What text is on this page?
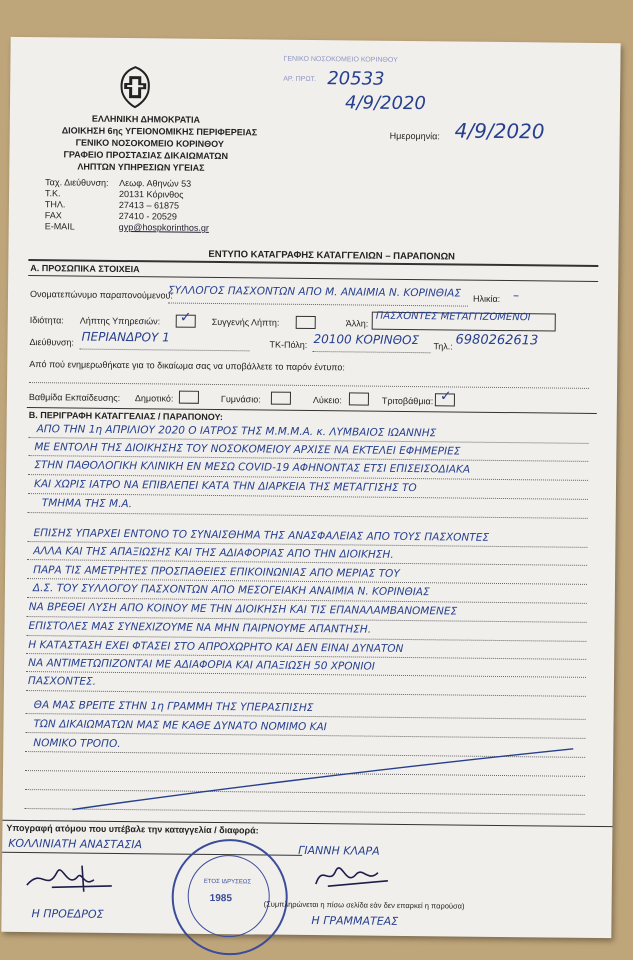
ΓΕΝΙΚΟ ΝΟΣΟΚΟΜΕΙΟ ΚΟΡΙΝΘΟΥ
ΑΡ. ΠΡΩΤ. 20533
4/9/2020
ΕΛΛΗΝΙΚΗ ΔΗΜΟΚΡΑΤΙΑ
ΔΙΟΙΚΗΣΗ 6ης ΥΓΕΙΟΝΟΜΙΚΗΣ ΠΕΡΙΦΕΡΕΙΑΣ
ΓΕΝΙΚΟ ΝΟΣΟΚΟΜΕΙΟ ΚΟΡΙΝΘΟΥ
ΓΡΑΦΕΙΟ ΠΡΟΣΤΑΣΙΑΣ ΔΙΚΑΙΩΜΑΤΩΝ
ΛΗΠΤΩΝ ΥΠΗΡΕΣΙΩΝ ΥΓΕΙΑΣ
Ημερομηνία: 4/9/2020
Ταχ. Διεύθυνση: Λεωφ. Αθηνών 53
Τ.Κ.	20131 Κόρινθος
ΤΗΛ.	27413 – 61875
FAX	27410 - 20529
E-MAIL	gyp@hospkorinthos.gr
ΕΝΤΥΠΟ ΚΑΤΑΓΡΑΦΗΣ ΚΑΤΑΓΓΕΛΙΩΝ – ΠΑΡΑΠΟΝΩΝ
Α. ΠΡΟΣΩΠΙΚΑ ΣΤΟΙΧΕΙΑ
Ονοματεπώνυμο παραπονούμενου:
ΣΥΛΛΟΓΟΣ ΠΑΣΧΟΝΤΩΝ ΑΠΟ Μ. ΑΝΑΙΜΙΑ Ν. ΚΟΡΙΝΘΙΑΣ Ηλικία: –
Ιδιότητα: Λήπτης Υπηρεσιών: ✓ Συγγενής Λήπτη:	Άλλη:
ΠΑΣΧΟΝΤΕΣ ΜΕΤΑΓΓΙΖΟΜΕΝΟΙ
Διεύθυνση: ΠΕΡΙΑΝΔΡΟΥ 1
ΤΚ-Πόλη: 20100 ΚΟΡΙΝΘΟΣ Τηλ.: 6980262613
Από πού ενημερωθήκατε για το δικαίωμα σας να υποβάλλετε το παρόν έντυπο:
Βαθμίδα Εκπαίδευσης: Δημοτικό:	Γυμνάσιο:	Λύκειο:	Τριτοβάθμια: ✓
Β. ΠΕΡΙΓΡΑΦΗ ΚΑΤΑΓΓΕΛΙΑΣ / ΠΑΡΑΠΟΝΟΥ:
ΑΠΟ ΤΗΝ 1η ΑΠΡΙΛΙΟΥ 2020 Ο ΙΑΤΡΟΣ ΤΗΣ Μ.Μ.Μ.Α. κ. ΛΥΜΒΑΙΟΣ ΙΩΑΝΝΗΣ
ΜΕ ΕΝΤΟΛΗ ΤΗΣ ΔΙΟΙΚΗΣΗΣ ΤΟΥ ΝΟΣΟΚΟΜΕΙΟΥ ΑΡΧΙΣΕ ΝΑ ΕΚΤΕΛΕΙ ΕΦΗΜΕΡΙΕΣ
ΣΤΗΝ ΠΑΘΟΛΟΓΙΚΗ ΚΛΙΝΙΚΗ ΕΝ ΜΕΣΩ COVID-19 ΑΦΗΝΟΝΤΑΣ ΕΤΣΙ ΕΠΙΣΕΙΣΟΔΙΑΚΑ
ΚΑΙ ΧΩΡΙΣ ΙΑΤΡΟ ΝΑ ΕΠΙΒΛΕΠΕΙ ΚΑΤΑ ΤΗΝ ΔΙΑΡΚΕΙΑ ΤΗΣ ΜΕΤΑΓΓΙΣΗΣ ΤΟ
ΤΜΗΜΑ ΤΗΣ Μ.Α.
ΕΠΙΣΗΣ ΥΠΑΡΧΕΙ ΕΝΤΟΝΟ ΤΟ ΣΥΝΑΙΣΘΗΜΑ ΤΗΣ ΑΝΑΣΦΑΛΕΙΑΣ ΑΠΟ ΤΟΥΣ ΠΑΣΧΟΝΤΕΣ
ΑΛΛΑ ΚΑΙ ΤΗΣ ΑΠΑΞΙΩΣΗΣ ΚΑΙ ΤΗΣ ΑΔΙΑΦΟΡΙΑΣ ΑΠΟ ΤΗΝ ΔΙΟΙΚΗΣΗ.
ΠΑΡΑ ΤΙΣ ΑΜΕΤΡΗΤΕΣ ΠΡΟΣΠΑΘΕΙΕΣ ΕΠΙΚΟΙΝΩΝΙΑΣ ΑΠΟ ΜΕΡΙΑΣ ΤΟΥ
Δ.Σ. ΤΟΥ ΣΥΛΛΟΓΟΥ ΠΑΣΧΟΝΤΩΝ ΑΠΟ ΜΕΣΟΓΕΙΑΚΗ ΑΝΑΙΜΙΑ Ν. ΚΟΡΙΝΘΙΑΣ
ΝΑ ΒΡΕΘΕΙ ΛΥΣΗ ΑΠΟ ΚΟΙΝΟΥ ΜΕ ΤΗΝ ΔΙΟΙΚΗΣΗ ΚΑΙ ΤΙΣ ΕΠΑΝΑΛΑΜΒΑΝΟΜΕΝΕΣ
ΕΠΙΣΤΟΛΕΣ ΜΑΣ ΣΥΝΕΧΙΖΟΥΜΕ ΝΑ ΜΗΝ ΠΑΙΡΝΟΥΜΕ ΑΠΑΝΤΗΣΗ.
Η ΚΑΤΑΣΤΑΣΗ ΕΧΕΙ ΦΤΑΣΕΙ ΣΤΟ ΑΠΡΟΧΩΡΗΤΟ ΚΑΙ ΔΕΝ ΕΙΝΑΙ ΔΥΝΑΤΟΝ
ΝΑ ΑΝΤΙΜΕΤΩΠΙΖΟΝΤΑΙ ΜΕ ΑΔΙΑΦΟΡΙΑ ΚΑΙ ΑΠΑΞΙΩΣΗ 50 ΧΡΟΝΙΟΙ
ΠΑΣΧΟΝΤΕΣ.
ΘΑ ΜΑΣ ΒΡΕΙΤΕ ΣΤΗΝ 1η ΓΡΑΜΜΗ ΤΗΣ ΥΠΕΡΑΣΠΙΣΗΣ
ΤΩΝ ΔΙΚΑΙΩΜΑΤΩΝ ΜΑΣ ΜΕ ΚΑΘΕ ΔΥΝΑΤΟ ΝΟΜΙΜΟ ΚΑΙ
ΝΟΜΙΚΟ ΤΡΟΠΟ.
Υπογραφή ατόμου που υπέβαλε την καταγγελία / διαφορά:
ΚΟΛΛΙΝΙΑΤΗ ΑΝΑΣΤΑΣΙΑ	ΓΙΑΝΝΗ ΚΛΑΡΑ
ΕΤΟΣ ΙΔΡΥΣΕΩΣ
1985
(Συμπληρώνεται η πίσω σελίδα εάν δεν επαρκεί η παρούσα)
Η ΠΡΟΕΔΡΟΣ
Η ΓΡΑΜΜΑΤΕΑΣ
